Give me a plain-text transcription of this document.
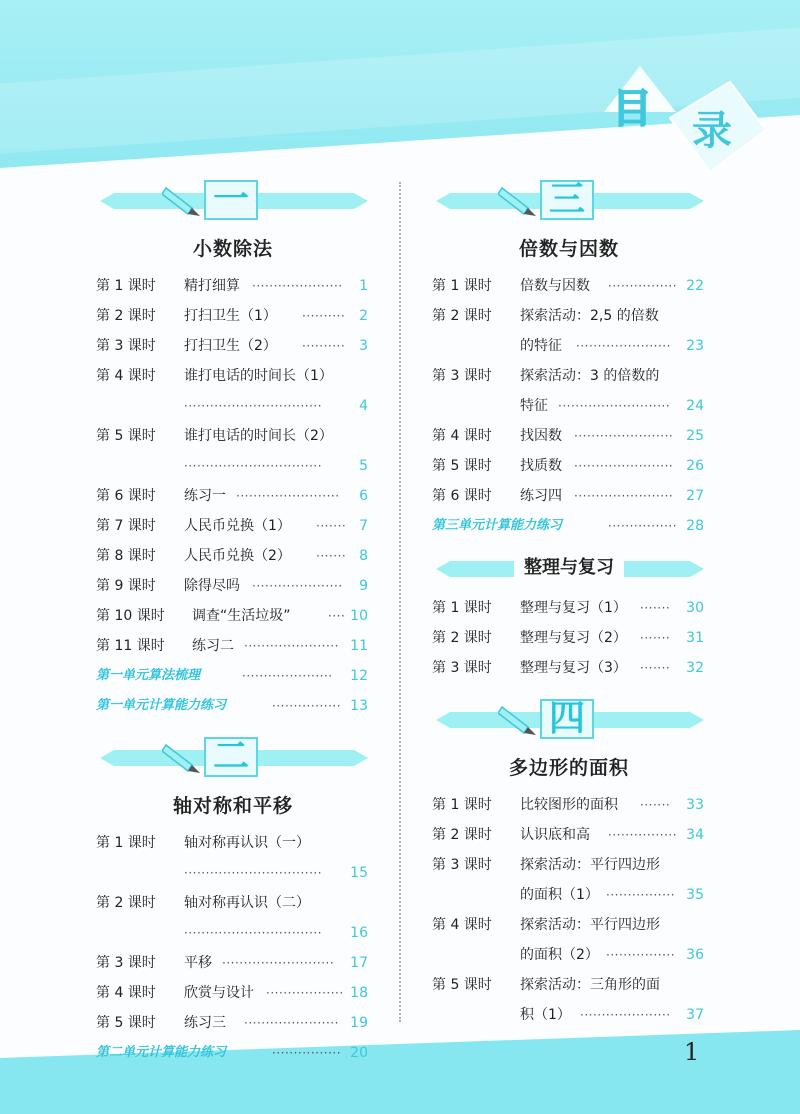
目 录
一
小数除法
第 1 课时 精打细算 ····················· 1
第 2 课时 打扫卫生（1） ·········· 2
第 3 课时 打扫卫生（2） ·········· 3
第 4 课时 谁打电话的时间长（1）
································	4
第 5 课时 谁打电话的时间长（2）
································	5
第 6 课时 练习一 ························ 6
第 7 课时 人民币兑换（1） ······· 7
第 8 课时 人民币兑换（2） ······· 8
第 9 课时 除得尽吗 ····················· 9
第 10 课时 调查“生活垃圾”	···· 10
第 11 课时 练习二 ······················ 11
第一单元算法梳理	····················· 12
第一单元计算能力练习	················ 13
二
轴对称和平移
第 1 课时 轴对称再认识（一）
································ 15
第 2 课时 轴对称再认识（二）
································ 16
第 3 课时 平移 ·························· 17
第 4 课时 欣赏与设计 ·················· 18
第 5 课时 练习三 ······················ 19
第二单元计算能力练习	················ 20
三
倍数与因数
第 1 课时 倍数与因数 ················ 22
第 2 课时 探索活动：2,5 的倍数
的特征 ······················ 23
第 3 课时 探索活动：3 的倍数的
特征 ·························· 24
第 4 课时 找因数 ······················· 25
第 5 课时 找质数 ······················· 26
第 6 课时 练习四 ······················· 27
第三单元计算能力练习	················ 28
整理与复习
第 1 课时 整理与复习（1） ······· 30
第 2 课时 整理与复习（2） ······· 31
第 3 课时 整理与复习（3） ······· 32
四
多边形的面积
第 1 课时 比较图形的面积 ······· 33
第 2 课时 认识底和高 ················ 34
第 3 课时 探索活动：平行四边形
的面积（1） ················ 35
第 4 课时 探索活动：平行四边形
的面积（2） ················ 36
第 5 课时 探索活动：三角形的面
积（1） ····················· 37
1
